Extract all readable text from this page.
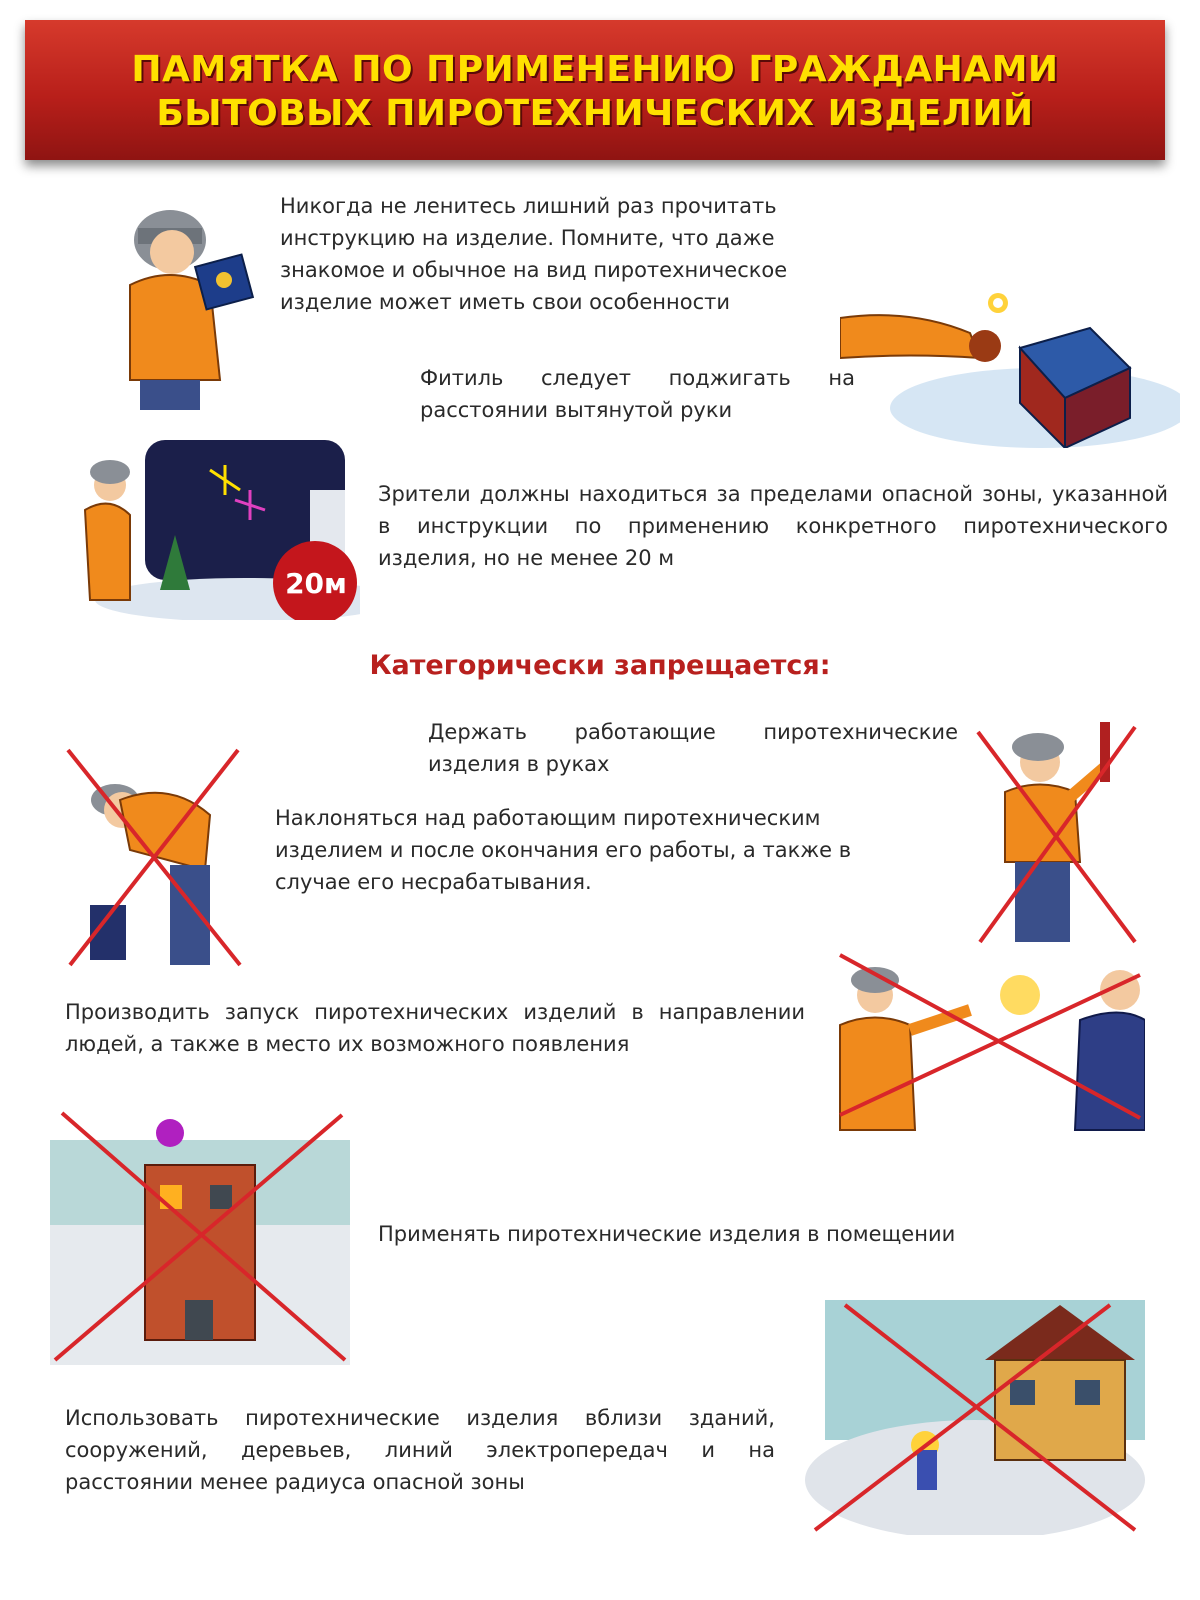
ПАМЯТКА ПО ПРИМЕНЕНИЮ ГРАЖДАНАМИ
БЫТОВЫХ ПИРОТЕХНИЧЕСКИХ ИЗДЕЛИЙ

Никогда не ленитесь лишний раз прочитать инструкцию на изделие. Помните, что даже знакомое и обычное на вид пиротехническое изделие может иметь свои особенности

Фитиль следует поджигать на расстоянии вытянутой руки

20м

Зрители должны находиться за пределами опасной зоны, указанной в инструкции по применению конкретного пиротехнического изделия, но не менее 20 м

Категорически запрещается:

Держать работающие пиротехнические изделия в руках

Наклоняться над работающим пиротехническим изделием и после окончания его работы, а также в случае его несрабатывания.

Производить запуск пиротехнических изделий в направлении людей, а также в место их возможного появления

Применять пиротехнические изделия в помещении

Использовать пиротехнические изделия вблизи зданий, сооружений, деревьев, линий электропередач и на расстоянии менее радиуса опасной зоны
